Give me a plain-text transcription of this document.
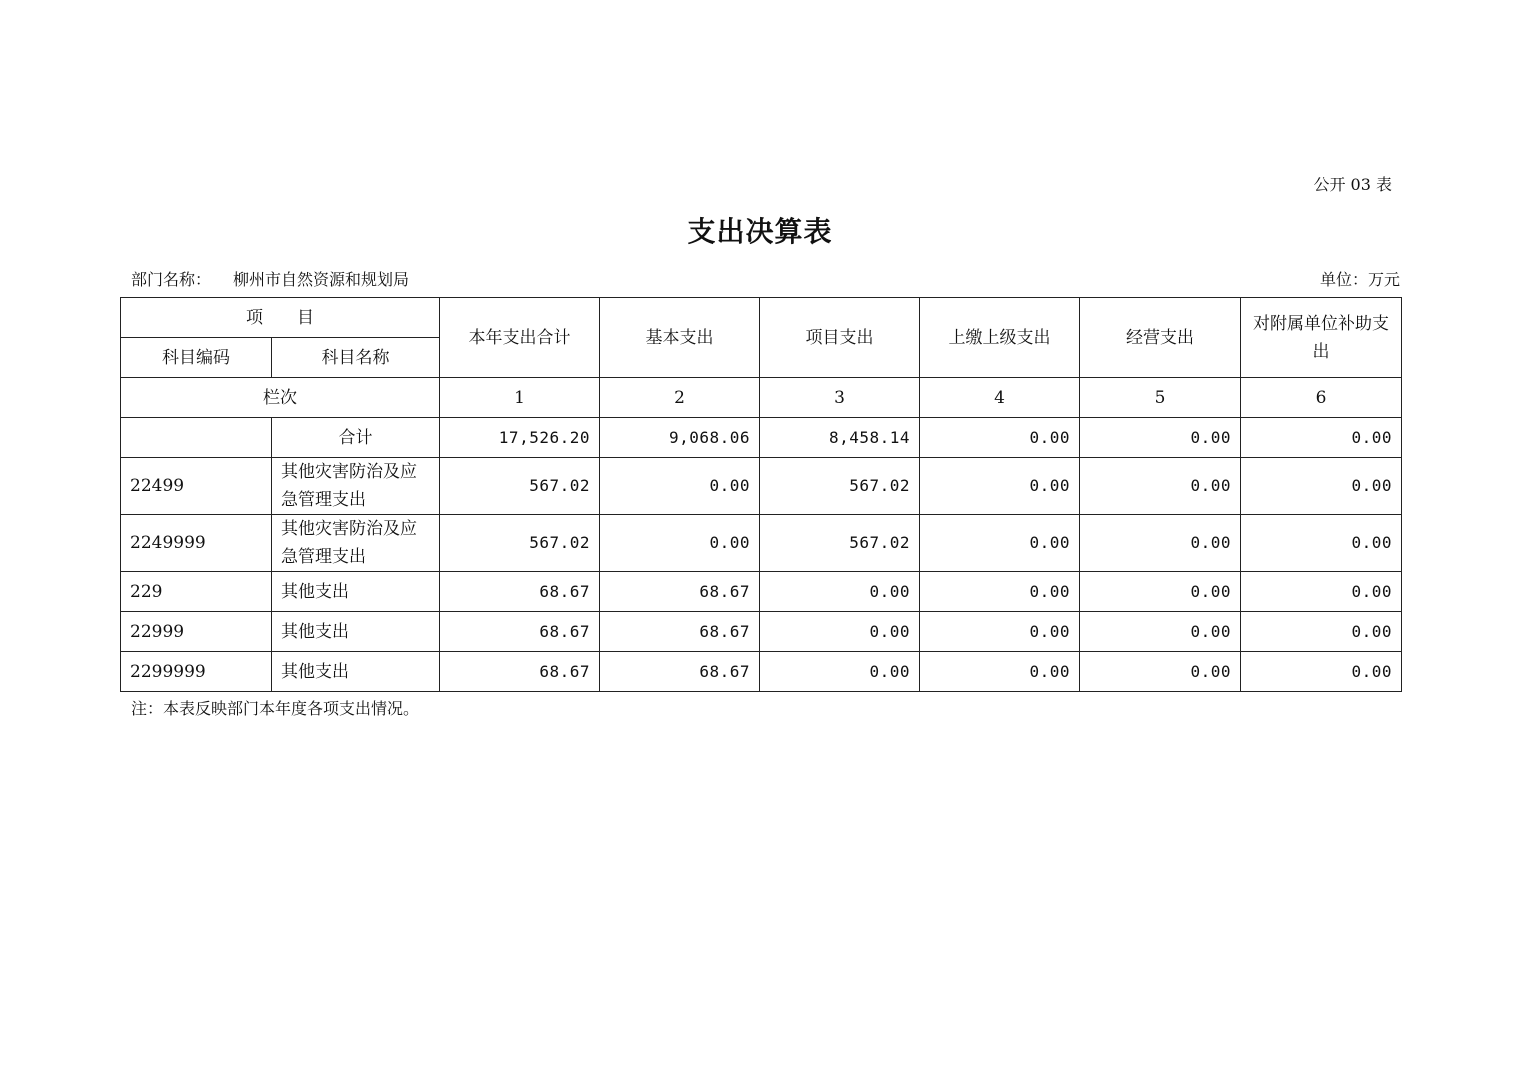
公开 03 表
支出决算表
部门名称： 柳州市自然资源和规划局	单位：万元
项　　目		本年支出合计	基本支出	项目支出	上缴上级支出	经营支出	对附属单位补助支出
科目编码	科目名称						
栏次		1	2	3	4	5	6
	合计	17,526.20	9,068.06	8,458.14	0.00	0.00	0.00
22499	其他灾害防治及应急管理支出	567.02	0.00	567.02	0.00	0.00	0.00
2249999	其他灾害防治及应急管理支出	567.02	0.00	567.02	0.00	0.00	0.00
229	其他支出	68.67	68.67	0.00	0.00	0.00	0.00
22999	其他支出	68.67	68.67	0.00	0.00	0.00	0.00
2299999	其他支出	68.67	68.67	0.00	0.00	0.00	0.00
注：本表反映部门本年度各项支出情况。
